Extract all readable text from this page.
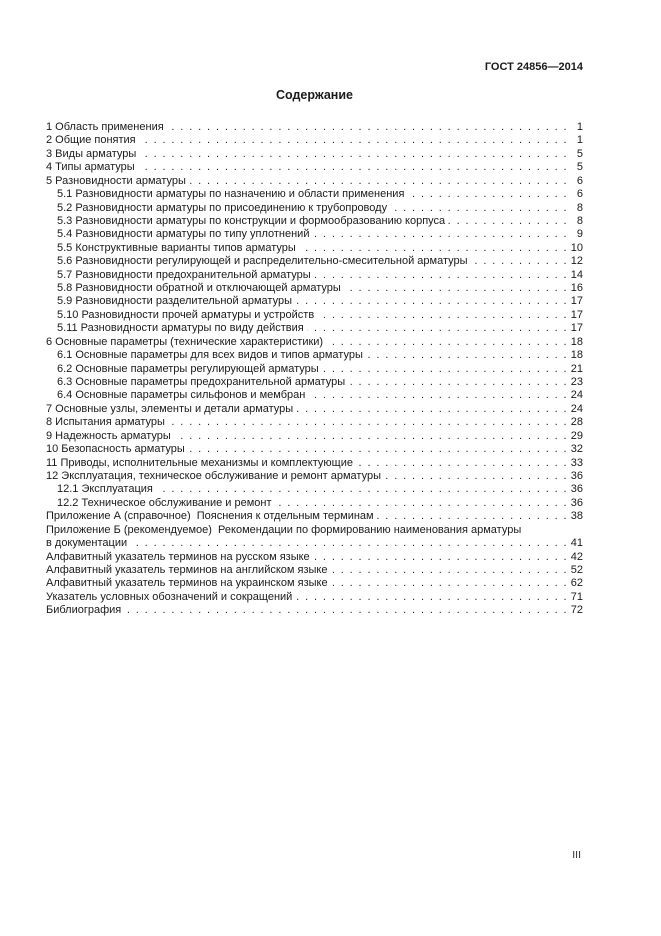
ГОСТ 24856—2014
Содержание
1 Область применения . . .	1
2 Общие понятия . . .	1
3 Виды арматуры . . .	5
4 Типы арматуры . . .	5
5 Разновидности арматуры . . .	6
5.1 Разновидности арматуры по назначению и области применения . . .	6
5.2 Разновидности арматуры по присоединению к трубопроводу . . .	8
5.3 Разновидности арматуры по конструкции и формообразованию корпуса . . .	8
5.4 Разновидности арматуры по типу уплотнений . . .	9
5.5 Конструктивные варианты типов арматуры . . .	10
5.6 Разновидности регулирующей и распределительно-смесительной арматуры . . .	12
5.7 Разновидности предохранительной арматуры . . .	14
5.8 Разновидности обратной и отключающей арматуры . . .	16
5.9 Разновидности разделительной арматуры . . .	17
5.10 Разновидности прочей арматуры и устройств . . .	17
5.11 Разновидности арматуры по виду действия . . .	17
6 Основные параметры (технические характеристики) . . .	18
6.1 Основные параметры для всех видов и типов арматуры . . .	18
6.2 Основные параметры регулирующей арматуры . . .	21
6.3 Основные параметры предохранительной арматуры . . .	23
6.4 Основные параметры сильфонов и мембран . . .	24
7 Основные узлы, элементы и детали арматуры . . .	24
8 Испытания арматуры . . .	28
9 Надежность арматуры . . .	29
10 Безопасность арматуры . . .	32
11 Приводы, исполнительные механизмы и комплектующие . . .	33
12 Эксплуатация, техническое обслуживание и ремонт арматуры . . .	36
12.1 Эксплуатация . . .	36
12.2 Техническое обслуживание и ремонт . . .	36
Приложение А (справочное)  Пояснения к отдельным терминам . . .	38
Приложение Б (рекомендуемое)  Рекомендации по формированию наименования арматуры
в документации . . .	41
Алфавитный указатель терминов на русском языке . . .	42
Алфавитный указатель терминов на английском языке . . .	52
Алфавитный указатель терминов на украинском языке . . .	62
Указатель условных обозначений и сокращений . . .	71
Библиография . . .	72
III
